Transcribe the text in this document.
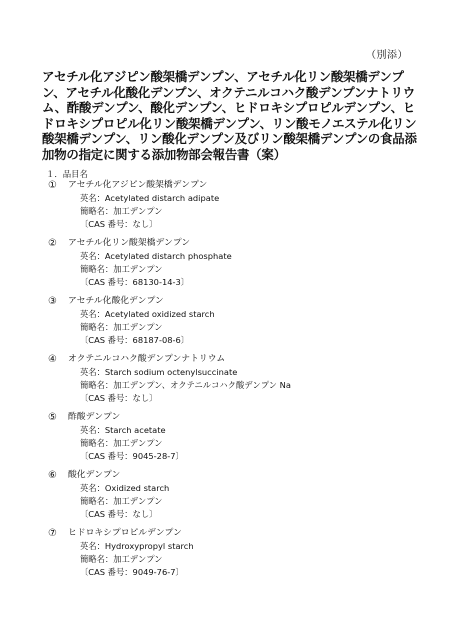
（別添）
アセチル化アジピン酸架橋デンプン、アセチル化リン酸架橋デンプン、アセチル化酸化デンプン、オクテニルコハク酸デンプンナトリウム、酢酸デンプン、酸化デンプン、ヒドロキシプロピルデンプン、ヒドロキシプロピル化リン酸架橋デンプン、リン酸モノエステル化リン酸架橋デンプン、リン酸化デンプン及びリン酸架橋デンプンの食品添加物の指定に関する添加物部会報告書（案）
１．品目名
① アセチル化アジピン酸架橋デンプン
英名：Acetylated distarch adipate
簡略名：加工デンプン
〔CAS 番号：なし〕
② アセチル化リン酸架橋デンプン
英名：Acetylated distarch phosphate
簡略名：加工デンプン
〔CAS 番号：68130-14-3〕
③ アセチル化酸化デンプン
英名：Acetylated oxidized starch
簡略名：加工デンプン
〔CAS 番号：68187-08-6〕
④ オクテニルコハク酸デンプンナトリウム
英名：Starch sodium octenylsuccinate
簡略名：加工デンプン、オクテニルコハク酸デンプン Na
〔CAS 番号：なし〕
⑤ 酢酸デンプン
英名：Starch acetate
簡略名：加工デンプン
〔CAS 番号：9045-28-7〕
⑥ 酸化デンプン
英名：Oxidized starch
簡略名：加工デンプン
〔CAS 番号：なし〕
⑦ ヒドロキシプロピルデンプン
英名：Hydroxypropyl starch
簡略名：加工デンプン
〔CAS 番号：9049-76-7〕
